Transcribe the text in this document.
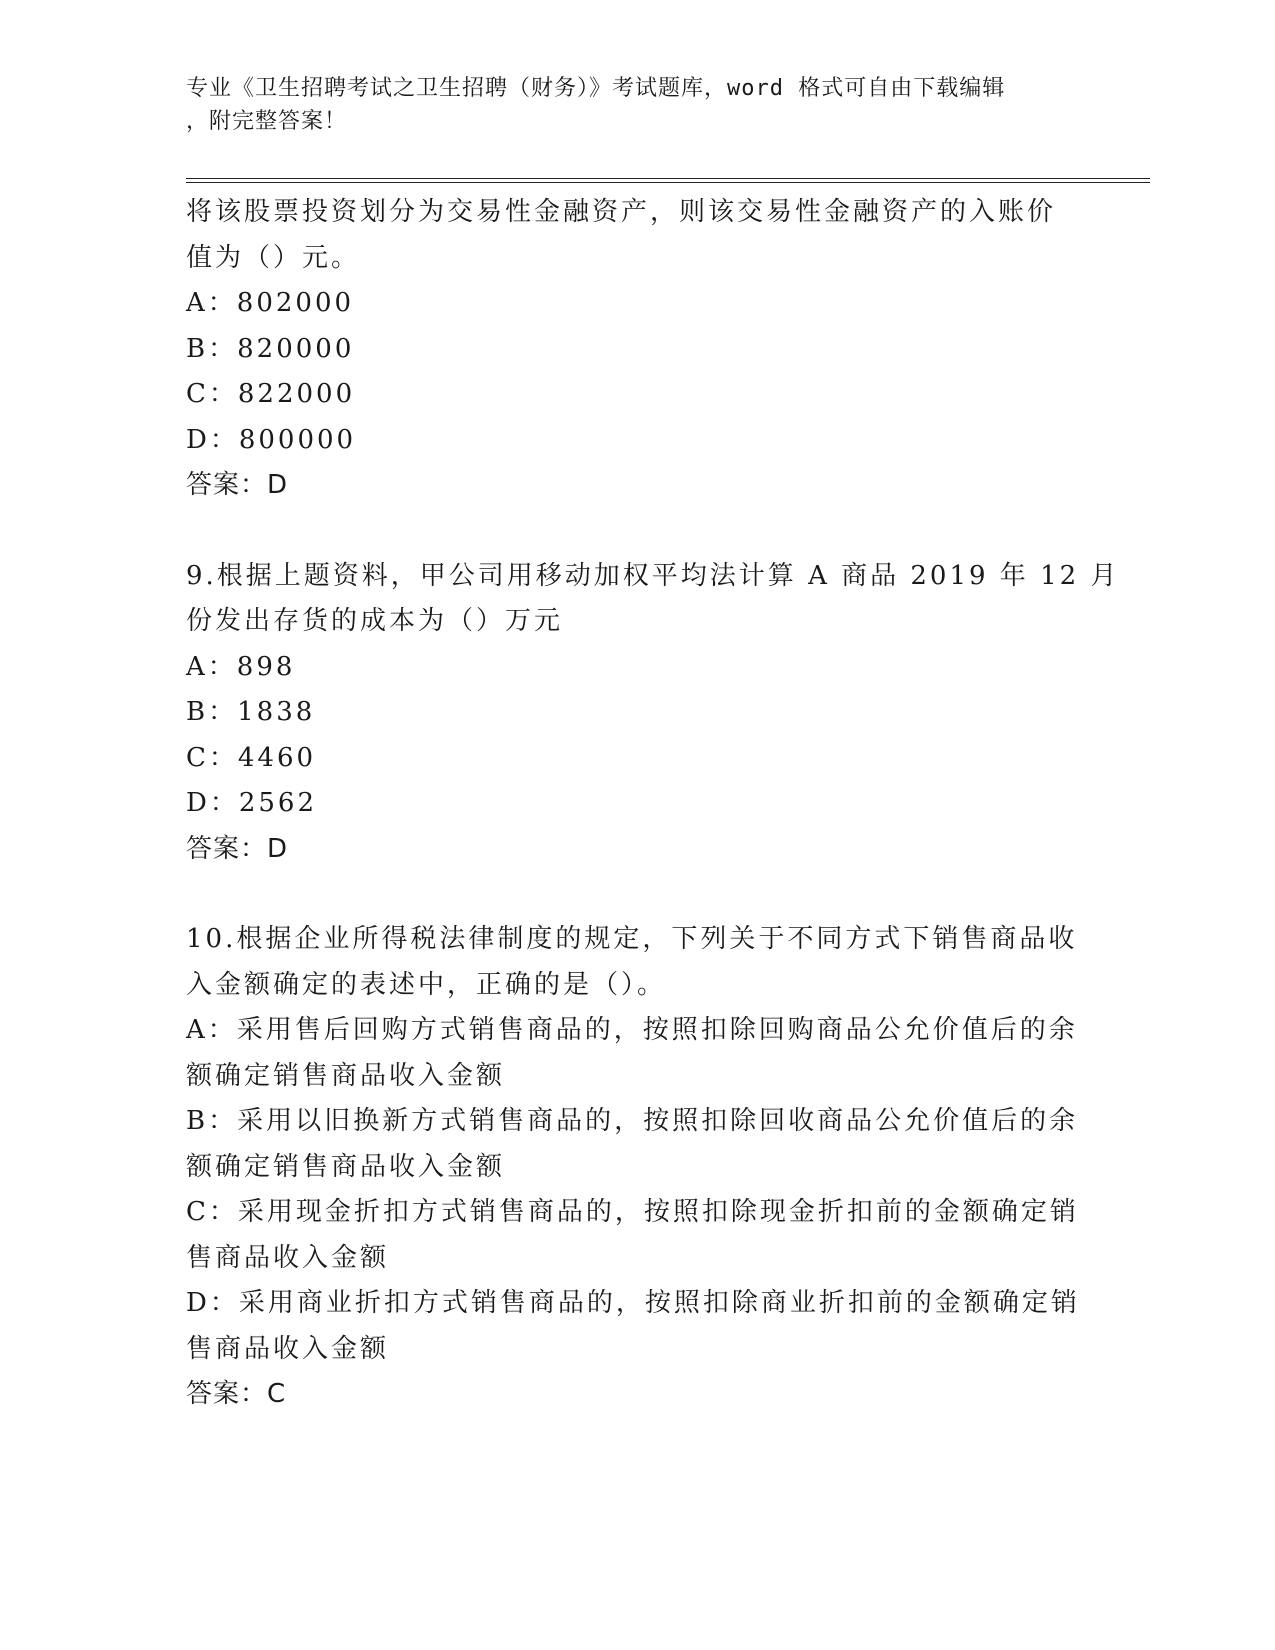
专业《卫生招聘考试之卫生招聘（财务）》考试题库，word 格式可自由下载编辑
，附完整答案！
将该股票投资划分为交易性金融资产，则该交易性金融资产的入账价
值为（）元。
A：802000
B：820000
C：822000
D：800000
答案：D
9.根据上题资料，甲公司用移动加权平均法计算 A 商品 2019 年 12 月
份发出存货的成本为（）万元
A：898
B：1838
C：4460
D：2562
答案：D
10.根据企业所得税法律制度的规定，下列关于不同方式下销售商品收
入金额确定的表述中，正确的是（）。
A：采用售后回购方式销售商品的，按照扣除回购商品公允价值后的余
额确定销售商品收入金额
B：采用以旧换新方式销售商品的，按照扣除回收商品公允价值后的余
额确定销售商品收入金额
C：采用现金折扣方式销售商品的，按照扣除现金折扣前的金额确定销
售商品收入金额
D：采用商业折扣方式销售商品的，按照扣除商业折扣前的金额确定销
售商品收入金额
答案：C
